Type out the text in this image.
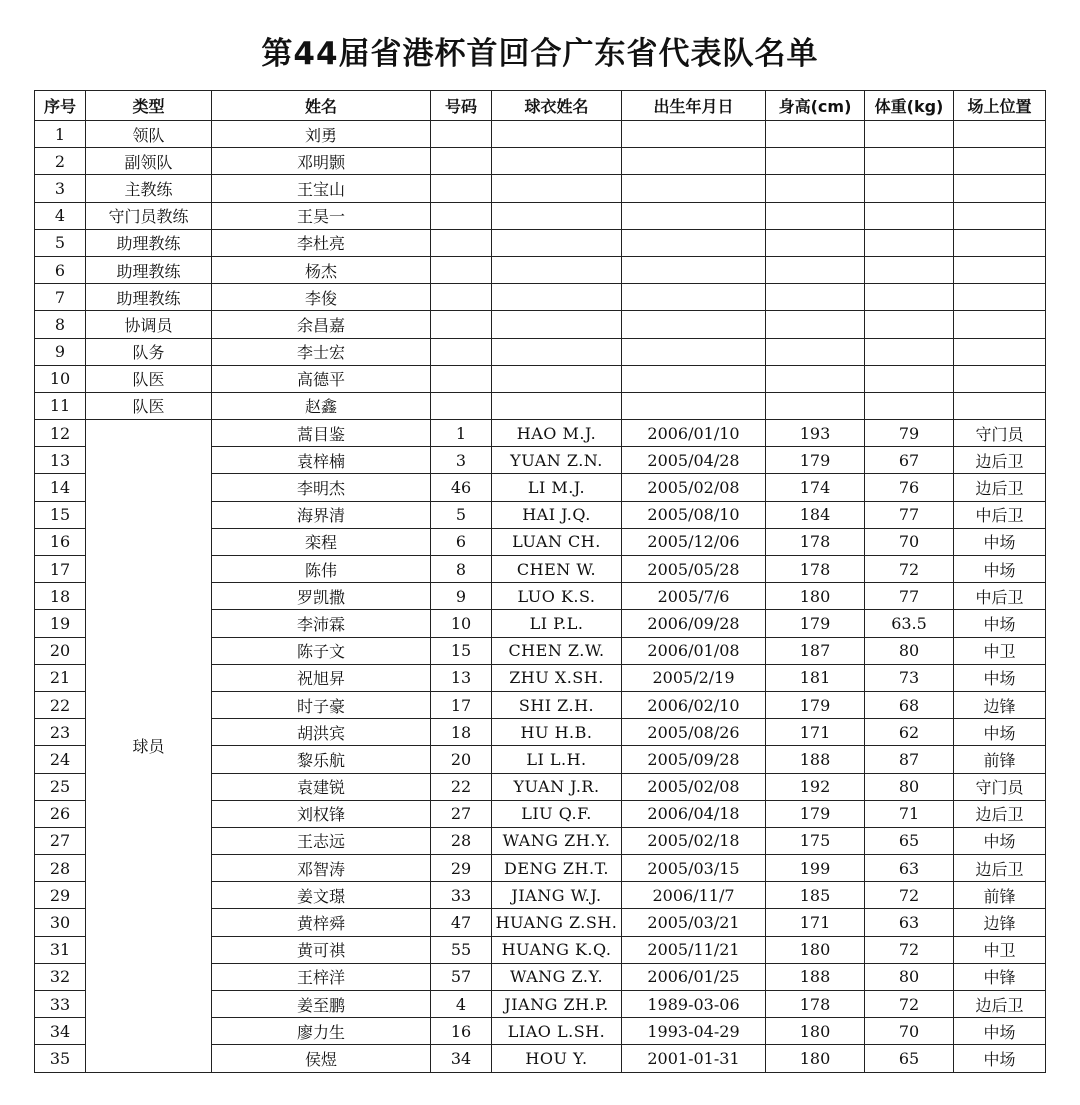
第44届省港杯首回合广东省代表队名单
序号	类型	姓名	号码	球衣姓名	出生年月日	身高(cm)	体重(kg)	场上位置
1	领队	刘勇						
2	副领队	邓明颢						
3	主教练	王宝山						
4	守门员教练	王昊一						
5	助理教练	李杜亮						
6	助理教练	杨杰						
7	助理教练	李俊						
8	协调员	余昌嘉						
9	队务	李士宏						
10	队医	高德平						
11	队医	赵鑫						
12	球员	蒿目鉴	1	HAO M.J.	2006/01/10	193	79	守门员
13		袁梓楠	3	YUAN Z.N.	2005/04/28	179	67	边后卫
14		李明杰	46	LI M.J.	2005/02/08	174	76	边后卫
15		海界清	5	HAI J.Q.	2005/08/10	184	77	中后卫
16		栾程	6	LUAN CH.	2005/12/06	178	70	中场
17		陈伟	8	CHEN W.	2005/05/28	178	72	中场
18		罗凯撒	9	LUO K.S.	2005/7/6	180	77	中后卫
19		李沛霖	10	LI P.L.	2006/09/28	179	63.5	中场
20		陈子文	15	CHEN Z.W.	2006/01/08	187	80	中卫
21		祝旭昇	13	ZHU X.SH.	2005/2/19	181	73	中场
22		时子豪	17	SHI Z.H.	2006/02/10	179	68	边锋
23		胡洪宾	18	HU H.B.	2005/08/26	171	62	中场
24		黎乐航	20	LI L.H.	2005/09/28	188	87	前锋
25		袁建锐	22	YUAN J.R.	2005/02/08	192	80	守门员
26		刘权锋	27	LIU Q.F.	2006/04/18	179	71	边后卫
27		王志远	28	WANG ZH.Y.	2005/02/18	175	65	中场
28		邓智涛	29	DENG ZH.T.	2005/03/15	199	63	边后卫
29		姜文璟	33	JIANG W.J.	2006/11/7	185	72	前锋
30		黄梓舜	47	HUANG Z.SH.	2005/03/21	171	63	边锋
31		黄可祺	55	HUANG K.Q.	2005/11/21	180	72	中卫
32		王梓洋	57	WANG Z.Y.	2006/01/25	188	80	中锋
33		姜至鹏	4	JIANG ZH.P.	1989-03-06	178	72	边后卫
34		廖力生	16	LIAO L.SH.	1993-04-29	180	70	中场
35		侯煜	34	HOU Y.	2001-01-31	180	65	中场
